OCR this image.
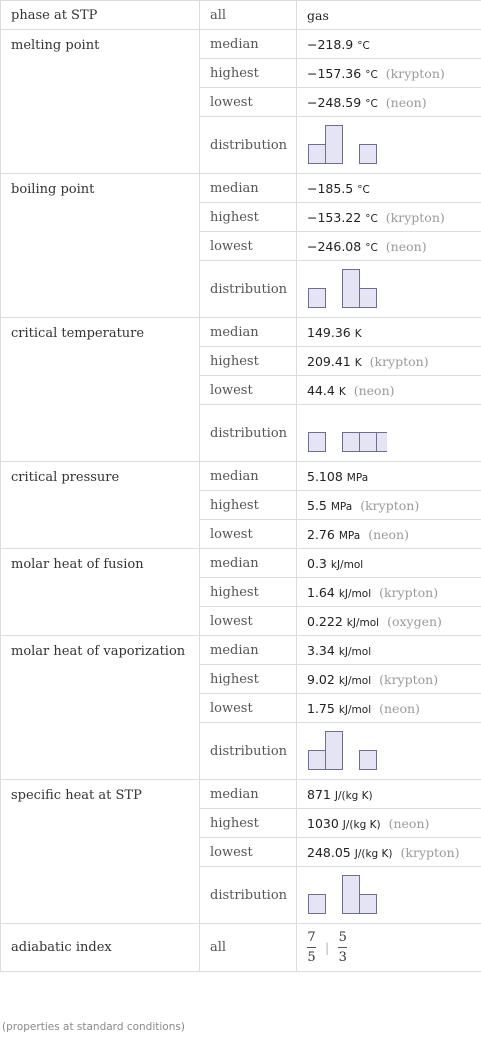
phase at STP	all	gas
melting point	median	−218.9 °C
	highest	−157.36 °C (krypton)
	lowest	−248.59 °C (neon)
	distribution	

boiling point	median	−185.5 °C
	highest	−153.22 °C (krypton)
	lowest	−246.08 °C (neon)
	distribution	

critical temperature	median	149.36 K
	highest	209.41 K (krypton)
	lowest	44.4 K (neon)
	distribution	

critical pressure	median	5.108 MPa
	highest	5.5 MPa (krypton)
	lowest	2.76 MPa (neon)
molar heat of fusion	median	0.3 kJ/mol
	highest	1.64 kJ/mol (krypton)
	lowest	0.222 kJ/mol (oxygen)
molar heat of vaporization	median	3.34 kJ/mol
	highest	9.02 kJ/mol (krypton)
	lowest	1.75 kJ/mol (neon)
	distribution	

specific heat at STP	median	871 J/(kg K)
	highest	1030 J/(kg K) (neon)
	lowest	248.05 J/(kg K) (krypton)
	distribution	

adiabatic index	all	$\frac{7}{5}$ | $\frac{5}{3}$
(properties at standard conditions)
